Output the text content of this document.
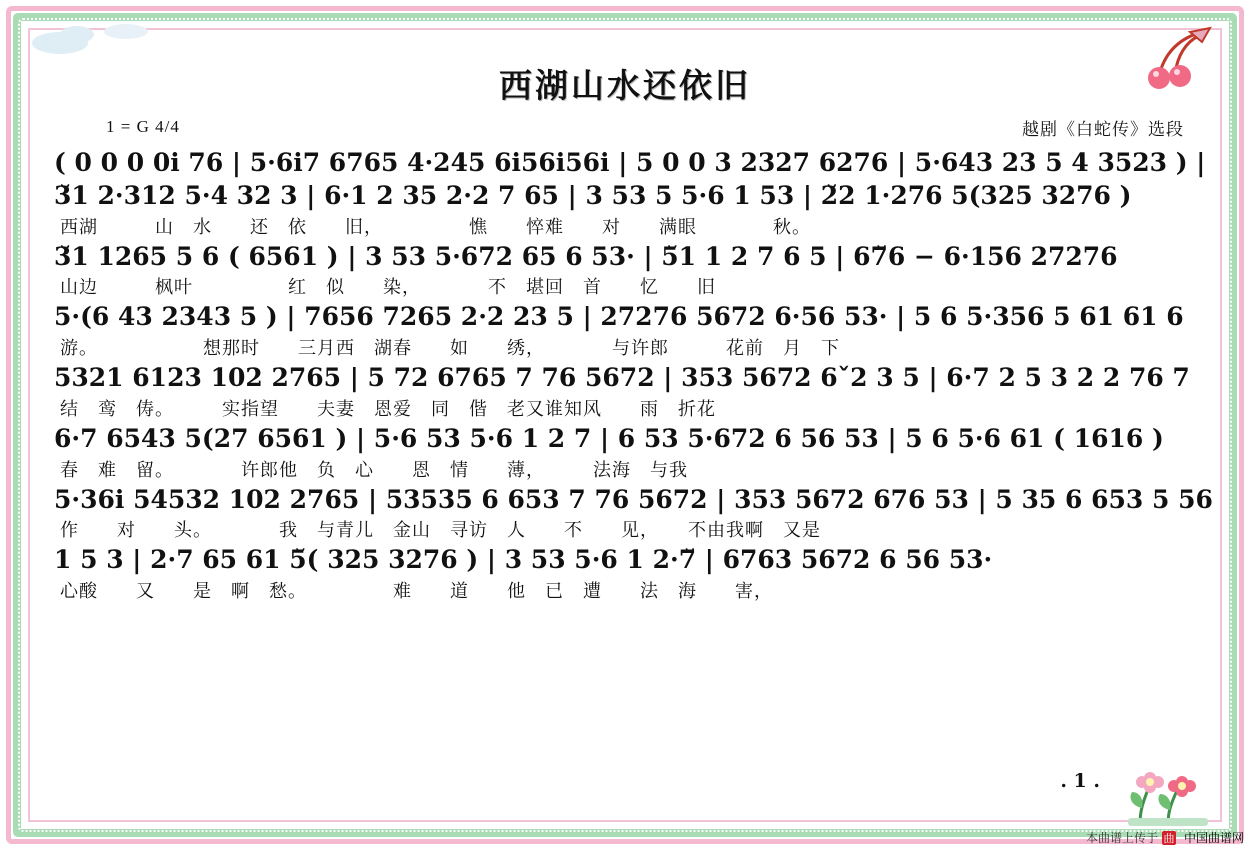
西湖山水还依旧
1 = G 4/4	越剧《白蛇传》选段
( 0 0 0 0i 76 | 5·6i7 6765 4·245 6i56i56i | 5 0 0 3 2327 6276 | 5·643 23 5 4 3523 ) |
3̆1 2·312 5·4 32 3 | 6·1 2 35 2·2 7 65 | 3 53 5 5·6 1 53 | 2̆2 1·276 5(325 3276 )
西湖　　　山　水　　还　依　　旧，　　　　　憔　　悴难　　对　　满眼　　　　秋。
3̆1 1265 5 6 ( 6561 ) | 3 53 5·672 65 6 53· | 5̆1 1 2 7 6 5 | 67̆6 − 6·156 27276
山边　　　枫叶　　　　　红　似　　染，　　　　不　堪回　首　　忆　　旧
5·(6 43 2343 5 ) | 7656 7265 2·2 23 5 | 27276 5672 6·56 53· | 5 6 5·356 5 61 61 6
游。　　　　　　想那时　　三月西　湖春　　如　　绣，　　　　与许郎　　　花前　月　下
5321 6123 102 2765 | 5 72 6765 7 76 5672 | 353 5672 6ˇ2 3 5 | 6·7 2 5 3 2 2 76 7
结　鸾　俦。　　　实指望　　夫妻　恩爱　同　偕　老又谁知风　　雨　折花
6·7 6543 5(27 6561 ) | 5·6 53 5·6 1 2 7 | 6 53 5·672 6 56 53 | 5 6 5·6 61 ( 1616 )
春　难　留。　　　　许郎他　负　心　　恩　情　　薄，　　　法海　与我
5·36i 54532 102 2765 | 53535 6 653 7 76 5672 | 353 5672 676 53 | 5 35 6 653 5 56
作　　对　　头。　　　　我　与青儿　金山　寻访　人　　不　　见，　　不由我啊　又是
1 5 3 | 2·7 65 61 5̆( 325 3276 ) | 3 53 5·6 1 2·7̆ | 6763 5672 6 56 53·
心酸　　又　　是　啊　愁。　　　　　难　　道　　他　已　遭　　法　海　　害，
. 1 .
本曲谱上传于 曲 中国曲谱网
